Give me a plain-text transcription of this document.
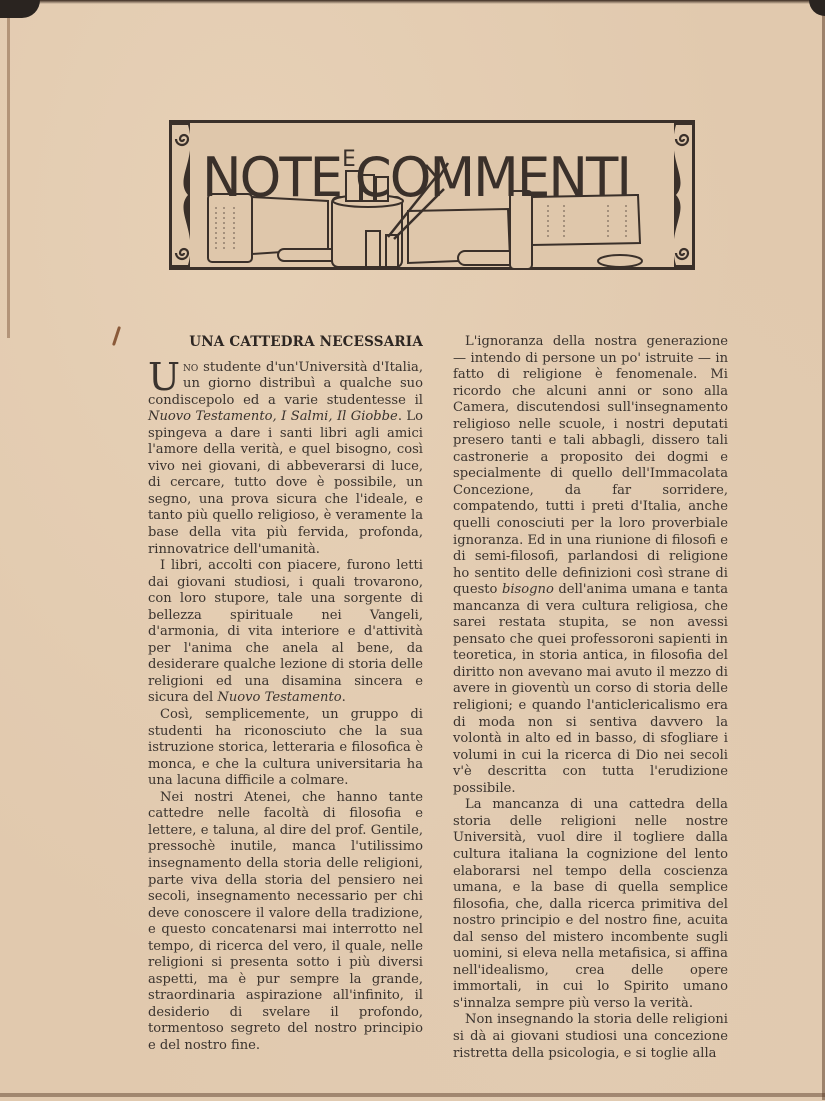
$NOTE^ECOMMENTI$
UNA CATTEDRA NECESSARIA

Uno studente d'un'Università d'Italia, un giorno distribuì a qualche suo condiscepolo ed a varie studentesse il Nuovo Testamento, I Salmi, Il Giobbe. Lo spingeva a dare i santi libri agli amici l'amore della verità, e quel bisogno, così vivo nei giovani, di abbeverarsi di luce, di cercare, tutto dove è possibile, un segno, una prova sicura che l'ideale, e tanto più quello religioso, è veramente la base della vita più fervida, profonda, rinnovatrice dell'umanità.

I libri, accolti con piacere, furono letti dai giovani studiosi, i quali trovarono, con loro stupore, tale una sorgente di bellezza spirituale nei Vangeli, d'armonia, di vita interiore e d'attività per l'anima che anela al bene, da desiderare qualche lezione di storia delle religioni ed una disamina sincera e sicura del Nuovo Testamento.

Così, semplicemente, un gruppo di studenti ha riconosciuto che la sua istruzione storica, letteraria e filosofica è monca, e che la cultura universitaria ha una lacuna difficile a colmare.

Nei nostri Atenei, che hanno tante cattedre nelle facoltà di filosofia e lettere, e taluna, al dire del prof. Gentile, pressochè inutile, manca l'utilissimo insegnamento della storia delle religioni, parte viva della storia del pensiero nei secoli, insegnamento necessario per chi deve conoscere il valore della tradizione, e questo concatenarsi mai interrotto nel tempo, di ricerca del vero, il quale, nelle religioni si presenta sotto i più diversi aspetti, ma è pur sempre la grande, straordinaria aspirazione all'infinito, il desiderio di svelare il profondo, tormentoso segreto del nostro principio e del nostro fine.

L'ignoranza della nostra generazione — intendo di persone un po' istruite — in fatto di religione è fenomenale. Mi ricordo che alcuni anni or sono alla Camera, discutendosi sull'insegnamento religioso nelle scuole, i nostri deputati presero tanti e tali abbagli, dissero tali castronerie a proposito dei dogmi e specialmente di quello dell'Immacolata Concezione, da far sorridere, compatendo, tutti i preti d'Italia, anche quelli conosciuti per la loro proverbiale ignoranza. Ed in una riunione di filosofi e di semi-filosofi, parlandosi di religione ho sentito delle definizioni così strane di questo bisogno dell'anima umana e tanta mancanza di vera cultura religiosa, che sarei restata stupita, se non avessi pensato che quei professoroni sapienti in teoretica, in storia antica, in filosofia del diritto non avevano mai avuto il mezzo di avere in gioventù un corso di storia delle religioni; e quando l'anticlericalismo era di moda non si sentiva davvero la volontà in alto ed in basso, di sfogliare i volumi in cui la ricerca di Dio nei secoli v'è descritta con tutta l'erudizione possibile.

La mancanza di una cattedra della storia delle religioni nelle nostre Università, vuol dire il togliere dalla cultura italiana la cognizione del lento elaborarsi nel tempo della coscienza umana, e la base di quella semplice filosofia, che, dalla ricerca primitiva del nostro principio e del nostro fine, acuita dal senso del mistero incombente sugli uomini, si eleva nella metafisica, si affina nell'idealismo, crea delle opere immortali, in cui lo Spirito umano s'innalza sempre più verso la verità.

Non insegnando la storia delle religioni si dà ai giovani studiosi una concezione ristretta della psicologia, e si toglie alla
